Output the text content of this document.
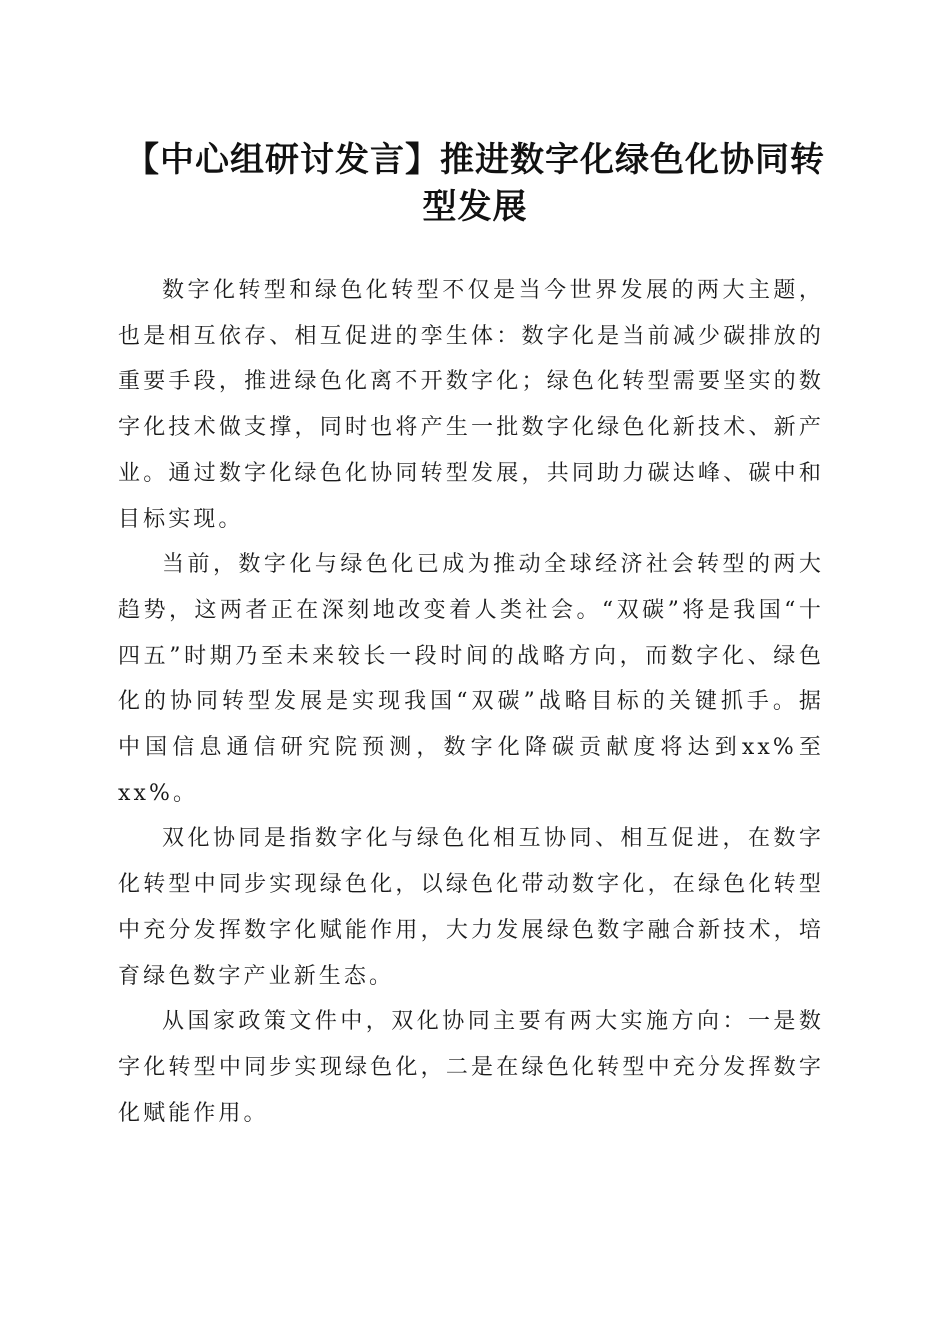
【中心组研讨发言】推进数字化绿色化协同转型发展

数字化转型和绿色化转型不仅是当今世界发展的两大主题，也是相互依存、相互促进的孪生体：数字化是当前减少碳排放的重要手段，推进绿色化离不开数字化；绿色化转型需要坚实的数字化技术做支撑，同时也将产生一批数字化绿色化新技术、新产业。通过数字化绿色化协同转型发展，共同助力碳达峰、碳中和目标实现。

当前，数字化与绿色化已成为推动全球经济社会转型的两大趋势，这两者正在深刻地改变着人类社会。“双碳”将是我国“十四五”时期乃至未来较长一段时间的战略方向，而数字化、绿色化的协同转型发展是实现我国“双碳”战略目标的关键抓手。据中国信息通信研究院预测，数字化降碳贡献度将达到xx%至xx%。

双化协同是指数字化与绿色化相互协同、相互促进，在数字化转型中同步实现绿色化，以绿色化带动数字化，在绿色化转型中充分发挥数字化赋能作用，大力发展绿色数字融合新技术，培育绿色数字产业新生态。

从国家政策文件中，双化协同主要有两大实施方向：一是数字化转型中同步实现绿色化，二是在绿色化转型中充分发挥数字化赋能作用。
